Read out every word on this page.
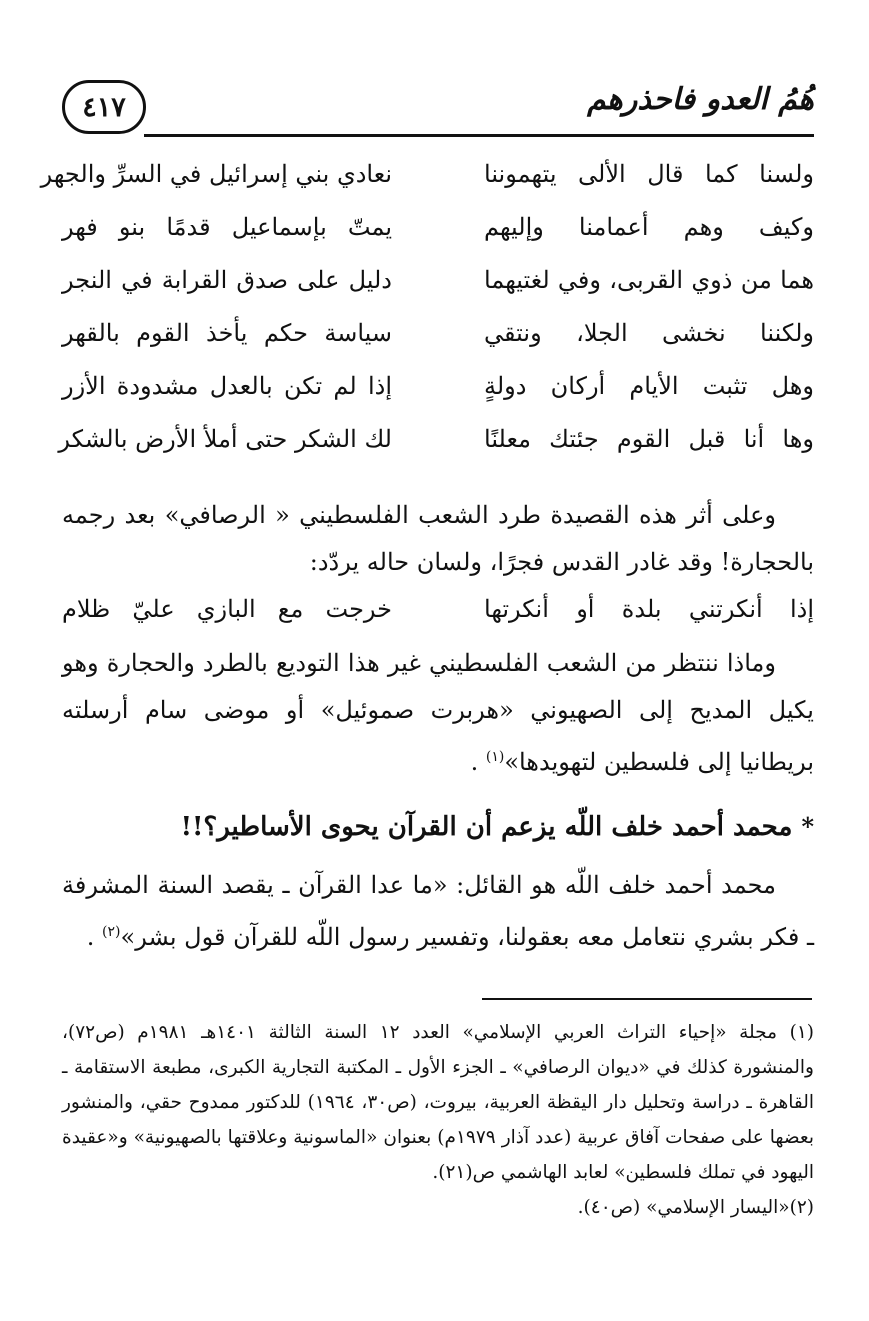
٤١٧	هُمُ العدو فاحذرهم
ولسنا كما قال الألى يتهموننا
نعادي بني إسرائيل في السرِّ والجهر
وكيف وهم أعمامنا وإليهم
يمتّ بإسماعيل قدمًا بنو فهر
هما من ذوي القربى، وفي لغتيهما
دليل على صدق القرابة في النجر
ولكننا نخشى الجلا، ونتقي
سياسة حكم يأخذ القوم بالقهر
وهل تثبت الأيام أركان دولةٍ
إذا لم تكن بالعدل مشدودة الأزر
وها أنا قبل القوم جئتك معلنًا
لك الشكر حتى أملأ الأرض بالشكر

وعلى أثر هذه القصيدة طرد الشعب الفلسطيني « الرصافي» بعد رجمه بالحجارة! وقد غادر القدس فجرًا، ولسان حاله يردّد:

إذا أنكرتني بلدة أو أنكرتها
خرجت مع البازي عليّ ظلام

وماذا ننتظر من الشعب الفلسطيني غير هذا التوديع بالطرد والحجارة وهو يكيل المديح إلى الصهيوني «هربرت صموئيل» أو موضى سام أرسلته بريطانيا إلى فلسطين لتهويدها»$^{(١)}$ .

* محمد أحمد خلف اللّه يزعم أن القرآن يحوى الأساطير؟!!

محمد أحمد خلف اللّه هو القائل: «ما عدا القرآن ـ يقصد السنة المشرفة ـ فكر بشري نتعامل معه بعقولنا، وتفسير رسول اللّه للقرآن قول بشر»$^{(٢)}$ .

(١) مجلة «إحياء التراث العربي الإسلامي» العدد ١٢ السنة الثالثة ١٤٠١هـ ١٩٨١م (ص٧٢)، والمنشورة كذلك في «ديوان الرصافي» ـ الجزء الأول ـ المكتبة التجارية الكبرى، مطبعة الاستقامة ـ القاهرة ـ دراسة وتحليل دار اليقظة العربية، بيروت، (ص٣٠، ١٩٦٤) للدكتور ممدوح حقي، والمنشور بعضها على صفحات آفاق عربية (عدد آذار ١٩٧٩م) بعنوان «الماسونية وعلاقتها بالصهيونية» و«عقيدة اليهود في تملك فلسطين» لعابد الهاشمي ص(٢١).

(٢)«اليسار الإسلامي» (ص٤٠).
